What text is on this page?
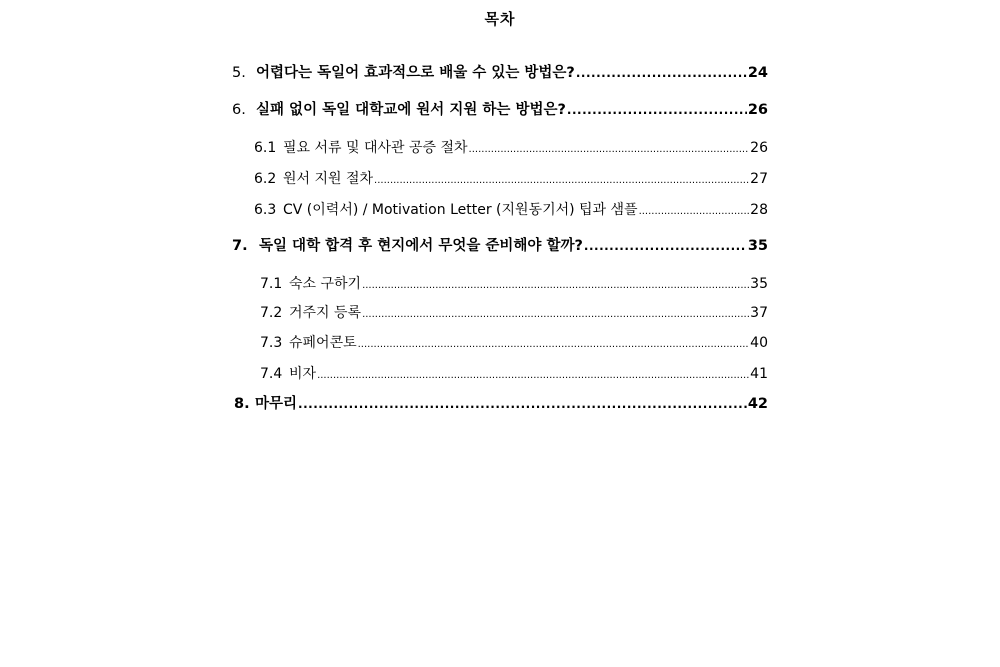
목차
5. 어렵다는 독일어 효과적으로 배울 수 있는 방법은? .....	24
6. 실패 없이 독일 대학교에 원서 지원 하는 방법은? .....	26
6.1 필요 서류 및 대사관 공증 절차 .....	26
6.2 원서 지원 절차 .....	27
6.3 CV (이력서) / Motivation Letter (지원동기서) 팁과 샘플 .....	28
7. 독일 대학 합격 후 현지에서 무엇을 준비해야 할까? .....	35
7.1 숙소 구하기 .....	35
7.2 거주지 등록 .....	37
7.3 슈페어콘토 .....	40
7.4 비자 .....	41
8. 마무리 .....	42
